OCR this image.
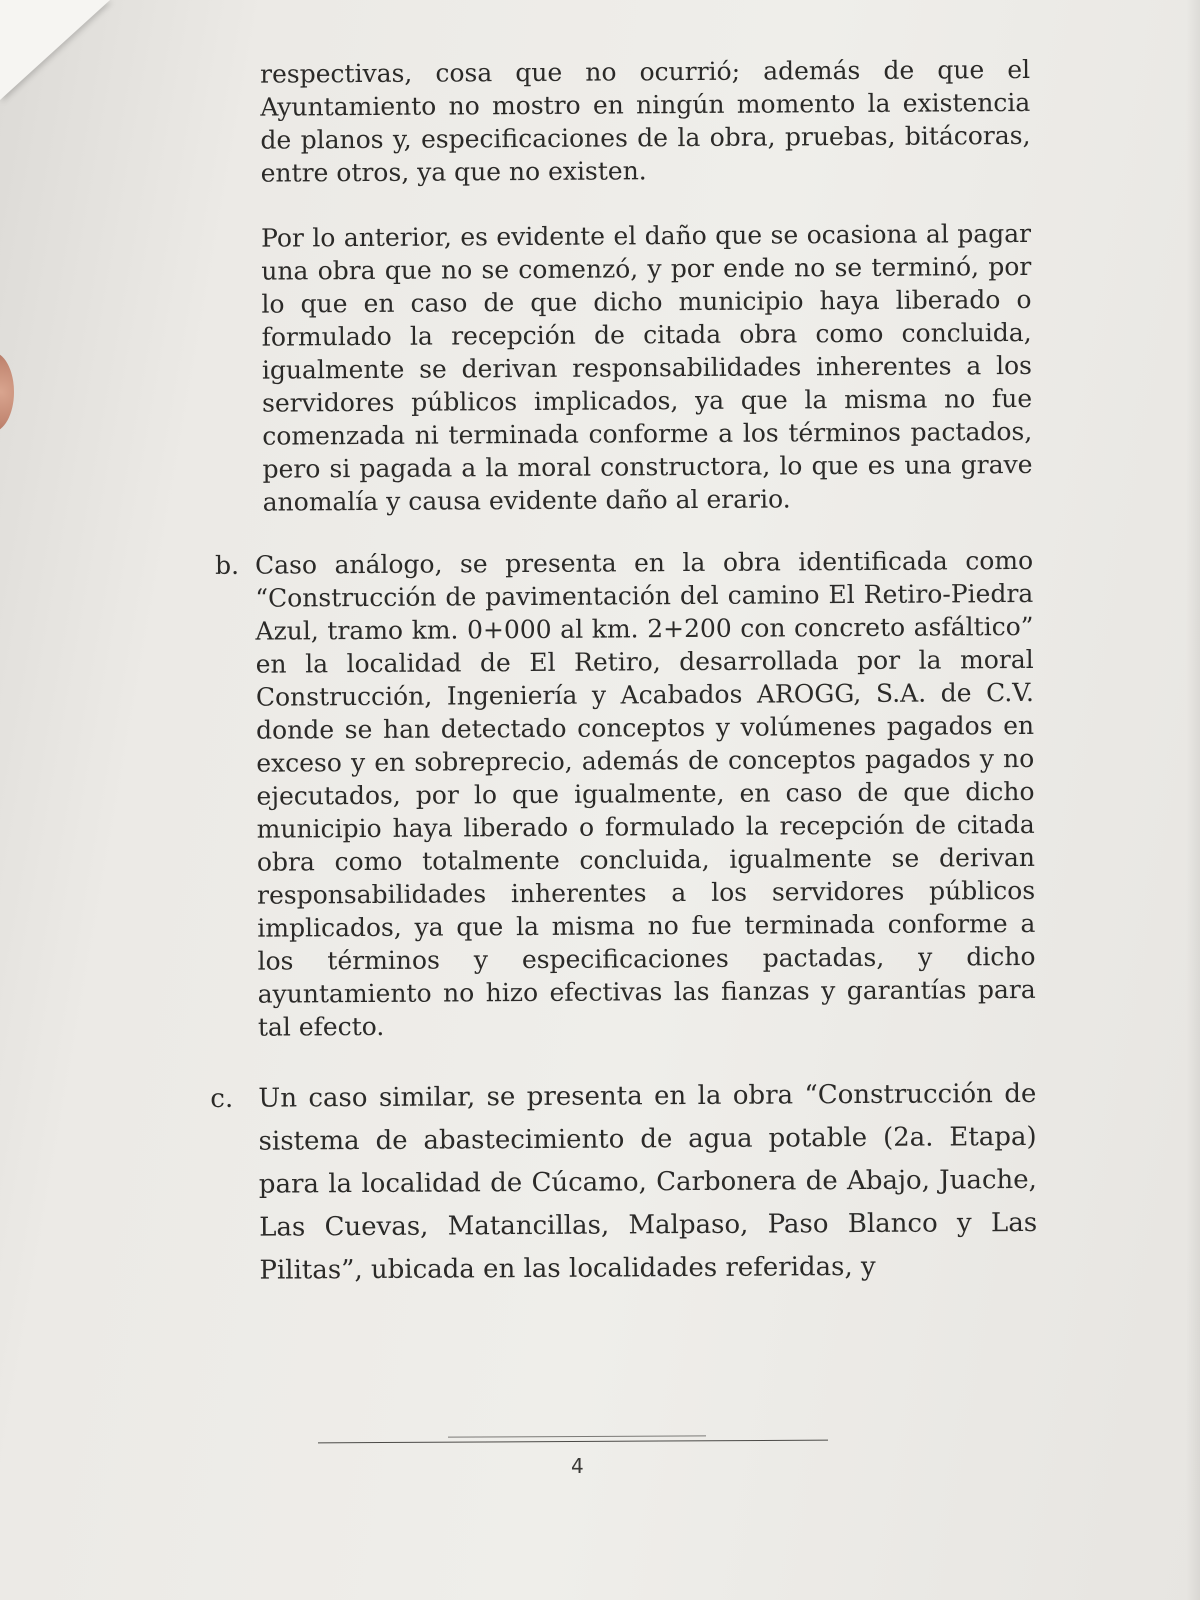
respectivas, cosa que no ocurrió; además de que el Ayuntamiento no mostro en ningún momento la existencia de planos y, especificaciones de la obra, pruebas, bitácoras, entre otros, ya que no existen.

Por lo anterior, es evidente el daño que se ocasiona al pagar una obra que no se comenzó, y por ende no se terminó, por lo que en caso de que dicho municipio haya liberado o formulado la recepción de citada obra como concluida, igualmente se derivan responsabilidades inherentes a los servidores públicos implicados, ya que la misma no fue comenzada ni terminada conforme a los términos pactados, pero si pagada a la moral constructora, lo que es una grave anomalía y causa evidente daño al erario.

b. Caso análogo, se presenta en la obra identificada como “Construcción de pavimentación del camino El Retiro-Piedra Azul, tramo km. 0+000 al km. 2+200 con concreto asfáltico” en la localidad de El Retiro, desarrollada por la moral Construcción, Ingeniería y Acabados AROGG, S.A. de C.V. donde se han detectado conceptos y volúmenes pagados en exceso y en sobreprecio, además de conceptos pagados y no ejecutados, por lo que igualmente, en caso de que dicho municipio haya liberado o formulado la recepción de citada obra como totalmente concluida, igualmente se derivan responsabilidades inherentes a los servidores públicos implicados, ya que la misma no fue terminada conforme a los términos y especificaciones pactadas, y dicho ayuntamiento no hizo efectivas las fianzas y garantías para tal efecto.
c. Un caso similar, se presenta en la obra “Construcción de sistema de abastecimiento de agua potable (2a. Etapa) para la localidad de Cúcamo, Carbonera de Abajo, Juache, Las Cuevas, Matancillas, Malpaso, Paso Blanco y Las Pilitas”, ubicada en las localidades referidas, y
4
